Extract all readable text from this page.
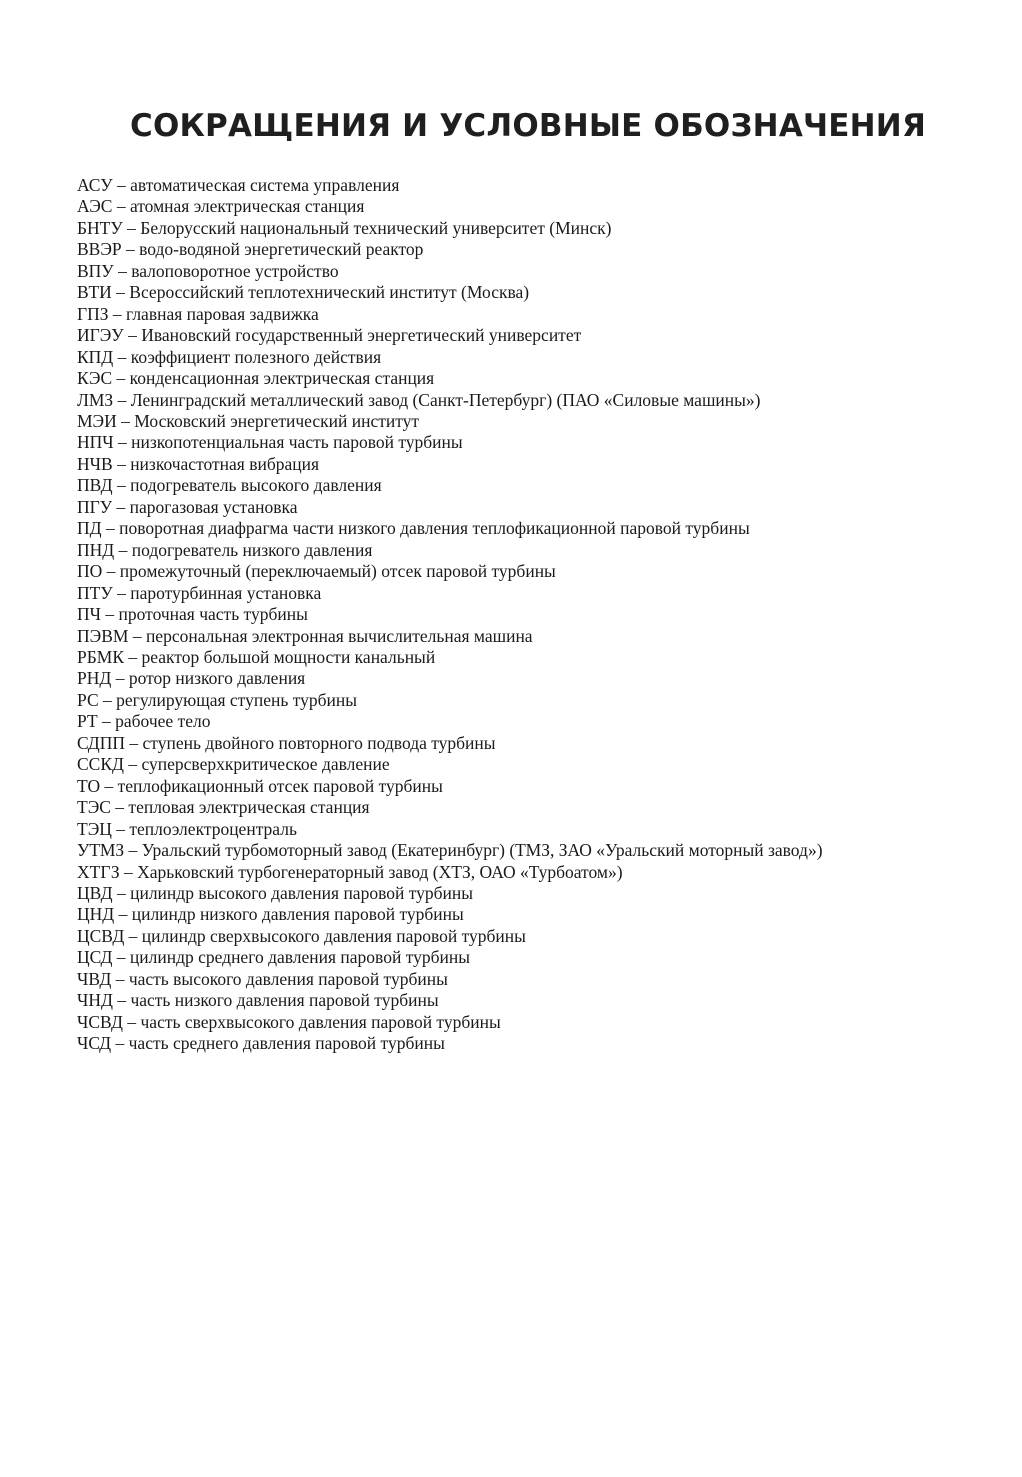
СОКРАЩЕНИЯ И УСЛОВНЫЕ ОБОЗНАЧЕНИЯ
АСУ – автоматическая система управления
АЭС – атомная электрическая станция
БНТУ – Белорусский национальный технический университет (Минск)
ВВЭР – водо-водяной энергетический реактор
ВПУ – валоповоротное устройство
ВТИ – Всероссийский теплотехнический институт (Москва)
ГПЗ – главная паровая задвижка
ИГЭУ – Ивановский государственный энергетический университет
КПД – коэффициент полезного действия
КЭС – конденсационная электрическая станция
ЛМЗ – Ленинградский металлический завод (Санкт-Петербург) (ПАО «Силовые машины»)
МЭИ – Московский энергетический институт
НПЧ – низкопотенциальная часть паровой турбины
НЧВ – низкочастотная вибрация
ПВД – подогреватель высокого давления
ПГУ – парогазовая установка
ПД – поворотная диафрагма части низкого давления теплофикационной паровой турбины
ПНД – подогреватель низкого давления
ПО – промежуточный (переключаемый) отсек паровой турбины
ПТУ – паротурбинная установка
ПЧ – проточная часть турбины
ПЭВМ – персональная электронная вычислительная машина
РБМК – реактор большой мощности канальный
РНД – ротор низкого давления
РС – регулирующая ступень турбины
РТ – рабочее тело
СДПП – ступень двойного повторного подвода турбины
ССКД – суперсверхкритическое давление
ТО – теплофикационный отсек паровой турбины
ТЭС – тепловая электрическая станция
ТЭЦ – теплоэлектроцентраль
УТМЗ – Уральский турбомоторный завод (Екатеринбург) (ТМЗ, ЗАО «Уральский моторный завод»)
ХТГЗ – Харьковский турбогенераторный завод (ХТЗ, ОАО «Турбоатом»)
ЦВД – цилиндр высокого давления паровой турбины
ЦНД – цилиндр низкого давления паровой турбины
ЦСВД – цилиндр сверхвысокого давления паровой турбины
ЦСД – цилиндр среднего давления паровой турбины
ЧВД – часть высокого давления паровой турбины
ЧНД – часть низкого давления паровой турбины
ЧСВД – часть сверхвысокого давления паровой турбины
ЧСД – часть среднего давления паровой турбины
